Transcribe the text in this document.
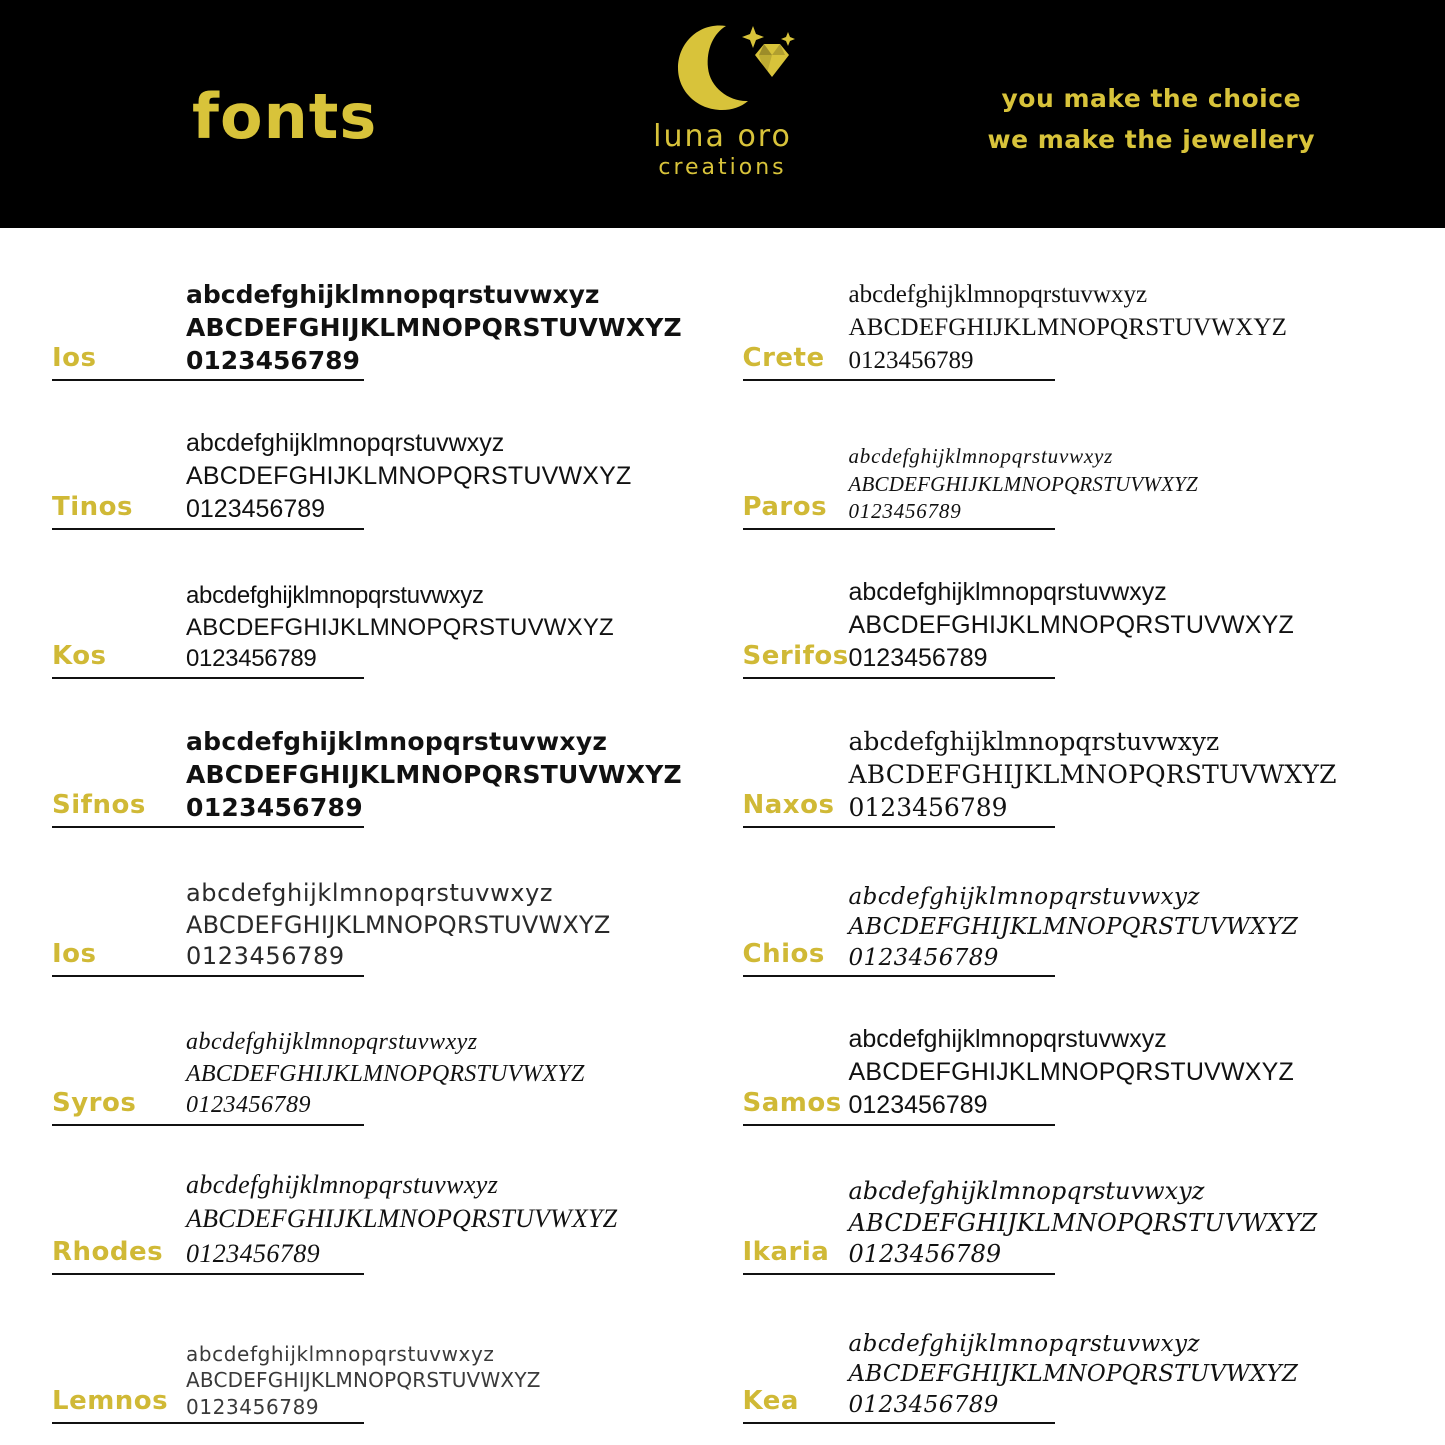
fonts	luna oro
creations
you make the choice
we make the jewellery
Ios
abcdefghijklmnopqrstuvwxyz
ABCDEFGHIJKLMNOPQRSTUVWXYZ
0123456789	Crete
abcdefghijklmnopqrstuvwxyz
ABCDEFGHIJKLMNOPQRSTUVWXYZ
0123456789
Tinos
abcdefghijklmnopqrstuvwxyz
ABCDEFGHIJKLMNOPQRSTUVWXYZ
0123456789	Paros
abcdefghijklmnopqrstuvwxyz
ABCDEFGHIJKLMNOPQRSTUVWXYZ
0123456789
Kos
abcdefghijklmnopqrstuvwxyz
ABCDEFGHIJKLMNOPQRSTUVWXYZ
0123456789	Serifos
abcdefghijklmnopqrstuvwxyz
ABCDEFGHIJKLMNOPQRSTUVWXYZ
0123456789
Sifnos
abcdefghijklmnopqrstuvwxyz
ABCDEFGHIJKLMNOPQRSTUVWXYZ
0123456789	Naxos
abcdefghijklmnopqrstuvwxyz
ABCDEFGHIJKLMNOPQRSTUVWXYZ
0123456789
Ios
abcdefghijklmnopqrstuvwxyz
ABCDEFGHIJKLMNOPQRSTUVWXYZ
0123456789	Chios
abcdefghijklmnopqrstuvwxyz
ABCDEFGHIJKLMNOPQRSTUVWXYZ
0123456789
Syros
abcdefghijklmnopqrstuvwxyz
ABCDEFGHIJKLMNOPQRSTUVWXYZ
0123456789	Samos
abcdefghijklmnopqrstuvwxyz
ABCDEFGHIJKLMNOPQRSTUVWXYZ
0123456789
Rhodes
abcdefghijklmnopqrstuvwxyz
ABCDEFGHIJKLMNOPQRSTUVWXYZ
0123456789	Ikaria
abcdefghijklmnopqrstuvwxyz
ABCDEFGHIJKLMNOPQRSTUVWXYZ
0123456789
Lemnos
abcdefghijklmnopqrstuvwxyz
ABCDEFGHIJKLMNOPQRSTUVWXYZ
0123456789	Kea
abcdefghijklmnopqrstuvwxyz
ABCDEFGHIJKLMNOPQRSTUVWXYZ
0123456789
